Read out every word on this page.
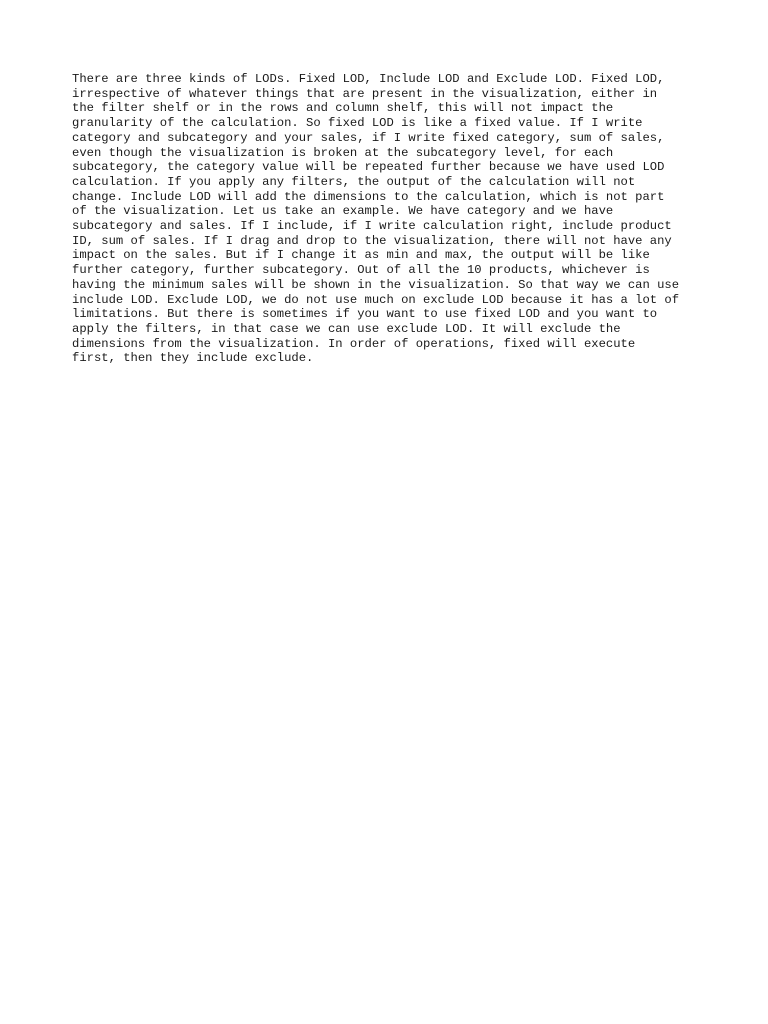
There are three kinds of LODs. Fixed LOD, Include LOD and Exclude LOD. Fixed LOD,
irrespective of whatever things that are present in the visualization, either in
the filter shelf or in the rows and column shelf, this will not impact the
granularity of the calculation. So fixed LOD is like a fixed value. If I write
category and subcategory and your sales, if I write fixed category, sum of sales,
even though the visualization is broken at the subcategory level, for each
subcategory, the category value will be repeated further because we have used LOD
calculation. If you apply any filters, the output of the calculation will not
change. Include LOD will add the dimensions to the calculation, which is not part
of the visualization. Let us take an example. We have category and we have
subcategory and sales. If I include, if I write calculation right, include product
ID, sum of sales. If I drag and drop to the visualization, there will not have any
impact on the sales. But if I change it as min and max, the output will be like
further category, further subcategory. Out of all the 10 products, whichever is
having the minimum sales will be shown in the visualization. So that way we can use
include LOD. Exclude LOD, we do not use much on exclude LOD because it has a lot of
limitations. But there is sometimes if you want to use fixed LOD and you want to
apply the filters, in that case we can use exclude LOD. It will exclude the
dimensions from the visualization. In order of operations, fixed will execute
first, then they include exclude.
